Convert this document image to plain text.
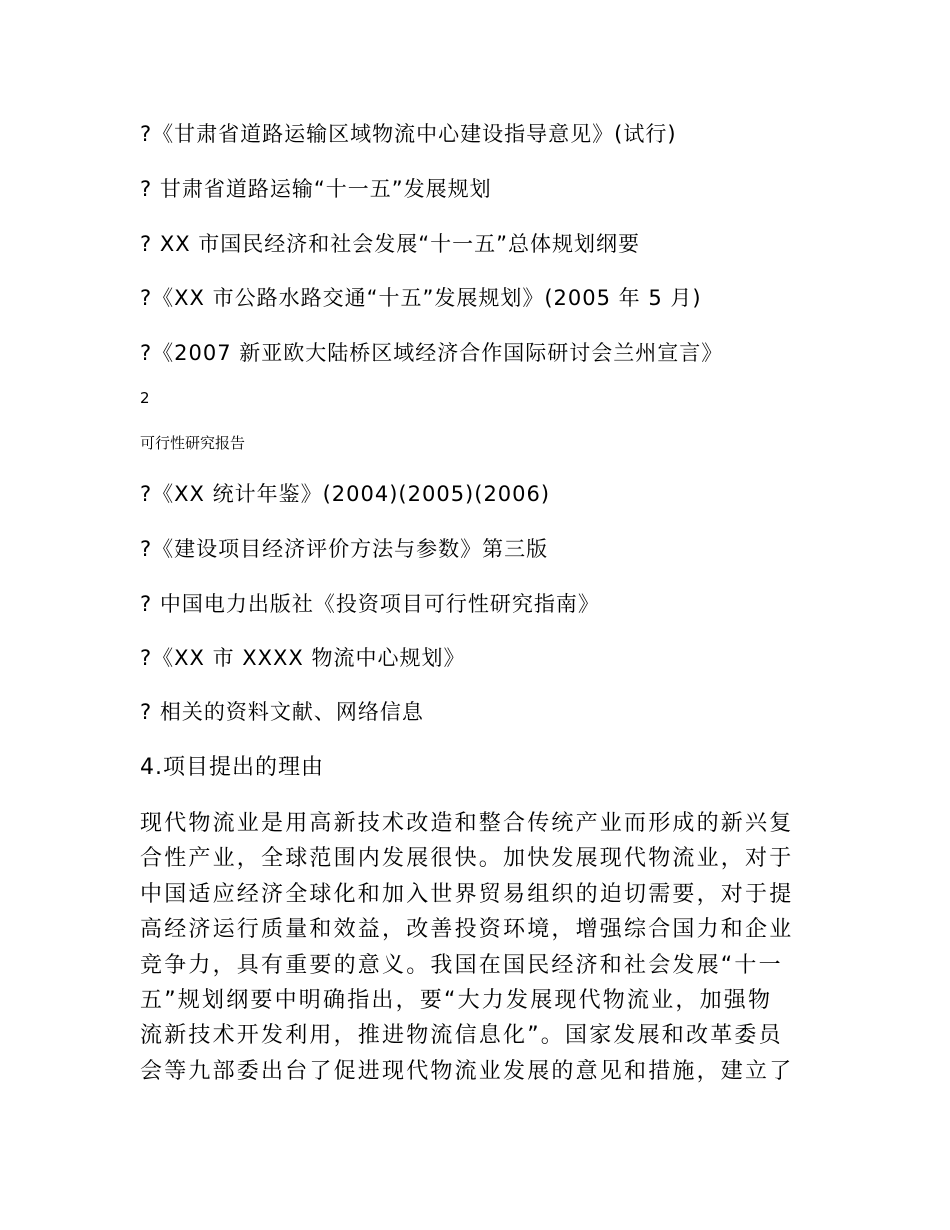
?《甘肃省道路运输区域物流中心建设指导意见》(试行)
? 甘肃省道路运输“十一五”发展规划
? XX 市国民经济和社会发展“十一五”总体规划纲要
?《XX 市公路水路交通“十五”发展规划》(2005 年 5 月)
?《2007 新亚欧大陆桥区域经济合作国际研讨会兰州宣言》
2
可行性研究报告
?《XX 统计年鉴》(2004)(2005)(2006)
?《建设项目经济评价方法与参数》第三版
? 中国电力出版社《投资项目可行性研究指南》
?《XX 市 XXXX 物流中心规划》
? 相关的资料文献、网络信息
4.项目提出的理由
现代物流业是用高新技术改造和整合传统产业而形成的新兴复
合性产业，全球范围内发展很快。加快发展现代物流业，对于
中国适应经济全球化和加入世界贸易组织的迫切需要，对于提
高经济运行质量和效益，改善投资环境，增强综合国力和企业
竞争力，具有重要的意义。我国在国民经济和社会发展“十一
五”规划纲要中明确指出，要“大力发展现代物流业，加强物
流新技术开发利用，推进物流信息化”。国家发展和改革委员
会等九部委出台了促进现代物流业发展的意见和措施，建立了
